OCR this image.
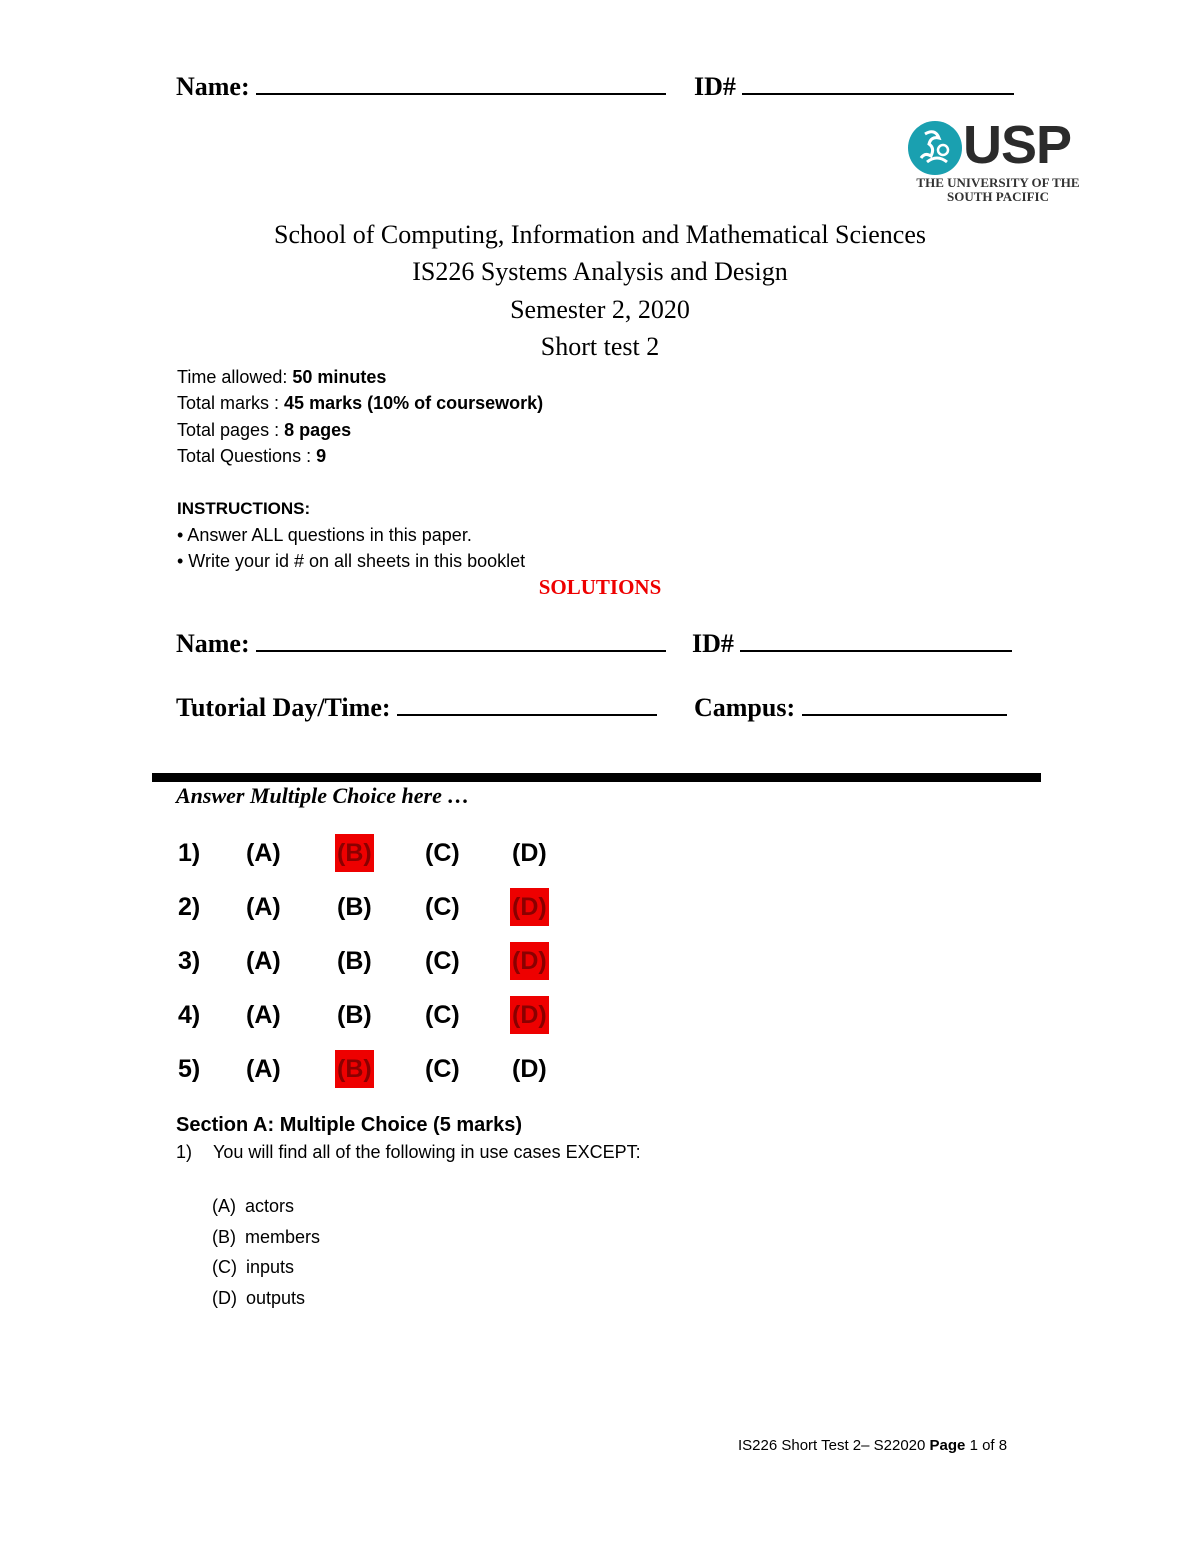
Name:	ID#
USP
THE UNIVERSITY OF THE
SOUTH PACIFIC
School of Computing, Information and Mathematical Sciences
IS226 Systems Analysis and Design
Semester 2, 2020
Short test 2
Time allowed: 50 minutes
Total marks : 45 marks (10% of coursework)
Total pages : 8 pages
Total Questions : 9
INSTRUCTIONS:
• Answer ALL questions in this paper.
• Write your id # on all sheets in this booklet
SOLUTIONS
Name:	ID#
Tutorial Day/Time:	Campus:
Answer Multiple Choice here …
1) (A) (B) (C) (D)
2) (A) (B) (C) (D)
3) (A) (B) (C) (D)
4) (A) (B) (C) (D)
5) (A) (B) (C) (D)
Section A: Multiple Choice (5 marks)
1) You will find all of the following in use cases EXCEPT:
(A) actors
(B) members
(C) inputs
(D) outputs
IS226 Short Test 2– S22020 Page 1 of 8
